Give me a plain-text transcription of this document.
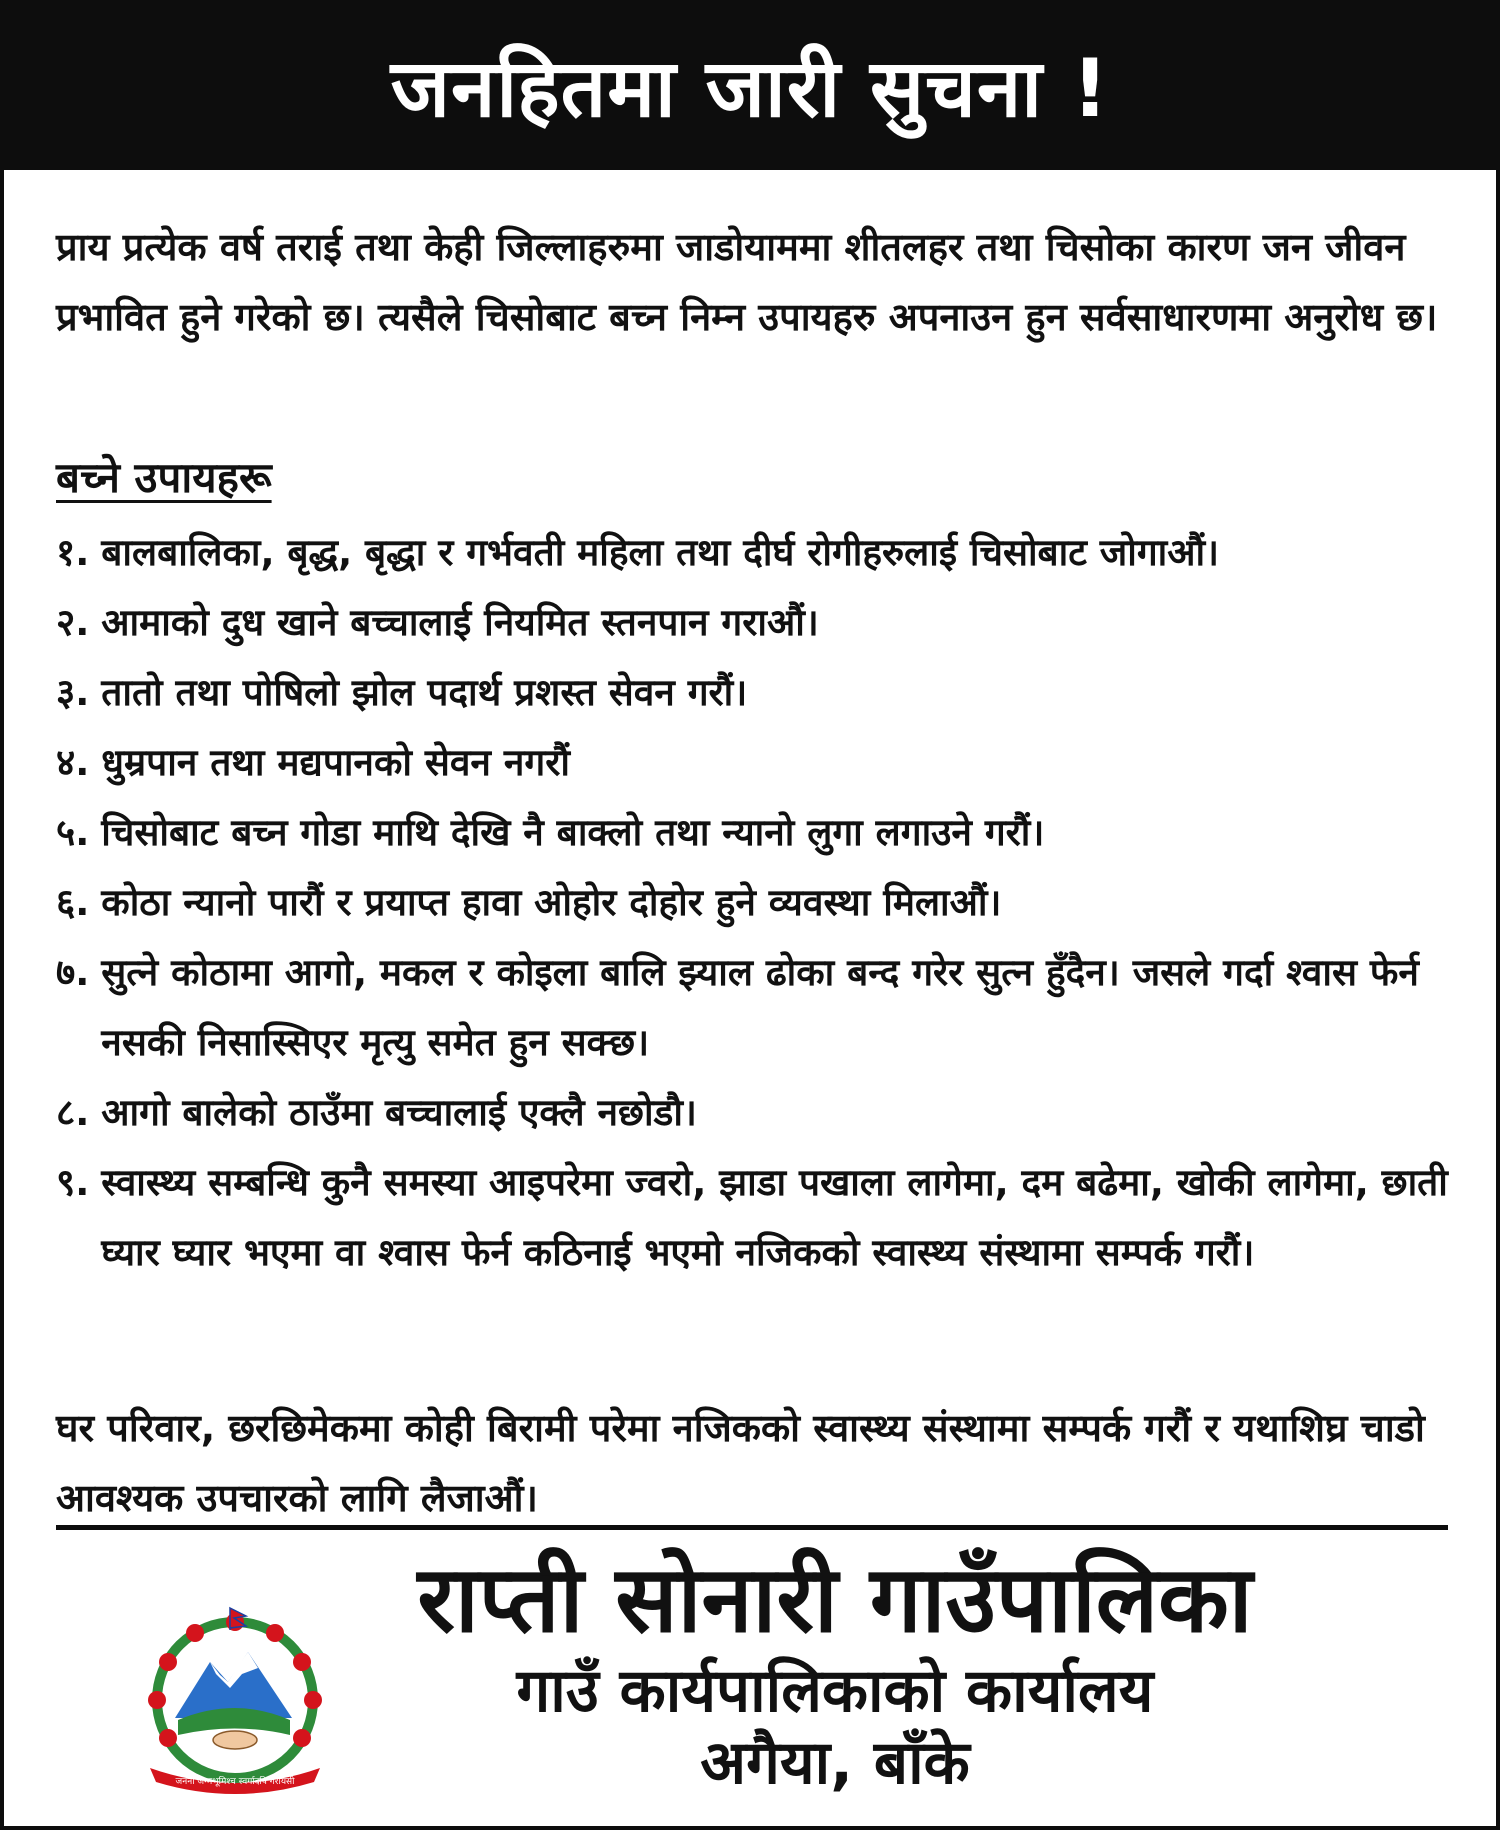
जनहितमा जारी सुचना !

प्राय प्रत्येक वर्ष तराई तथा केही जिल्लाहरुमा जाडोयाममा शीतलहर तथा चिसोका कारण जन जीवन प्रभावित हुने गरेको छ। त्यसैले चिसोबाट बच्न निम्न उपायहरु अपनाउन हुन सर्वसाधारणमा अनुरोध छ।

बच्ने उपायहरू
१. बालबालिका, बृद्ध, बृद्धा र गर्भवती महिला तथा दीर्घ रोगीहरुलाई चिसोबाट जोगाऔं।
२. आमाको दुध खाने बच्चालाई नियमित स्तनपान गराऔं।
३. तातो तथा पोषिलो झोल पदार्थ प्रशस्त सेवन गरौं।
४. धुम्रपान तथा मद्यपानको सेवन नगरौं
५. चिसोबाट बच्न गोडा माथि देखि नै बाक्लो तथा न्यानो लुगा लगाउने गरौं।
६. कोठा न्यानो पारौं र प्रयाप्त हावा ओहोर दोहोर हुने व्यवस्था मिलाऔं।
७. सुत्ने कोठामा आगो, मकल र कोइला बालि झ्याल ढोका बन्द गरेर सुत्न हुँदैन। जसले गर्दा श्वास फेर्न नसकी निसास्सिएर मृत्यु समेत हुन सक्छ।
८. आगो बालेको ठाउँमा बच्चालाई एक्लै नछोडौ।
९. स्वास्थ्य सम्बन्धि कुनै समस्या आइपरेमा ज्वरो, झाडा पखाला लागेमा, दम बढेमा, खोकी लागेमा, छाती घ्यार घ्यार भएमा वा श्वास फेर्न कठिनाई भएमो नजिकको स्वास्थ्य संस्थामा सम्पर्क गरौं।

घर परिवार, छरछिमेकमा कोही बिरामी परेमा नजिकको स्वास्थ्य संस्थामा सम्पर्क गरौं र यथाशिघ्र चाडो आवश्यक उपचारको लागि लैजाऔं।

जननी जन्मभूमिश्च स्वर्गादपि गरीयसी

राप्ती सोनारी गाउँपालिका

गाउँ कार्यपालिकाको कार्यालय

अगैया, बाँके
